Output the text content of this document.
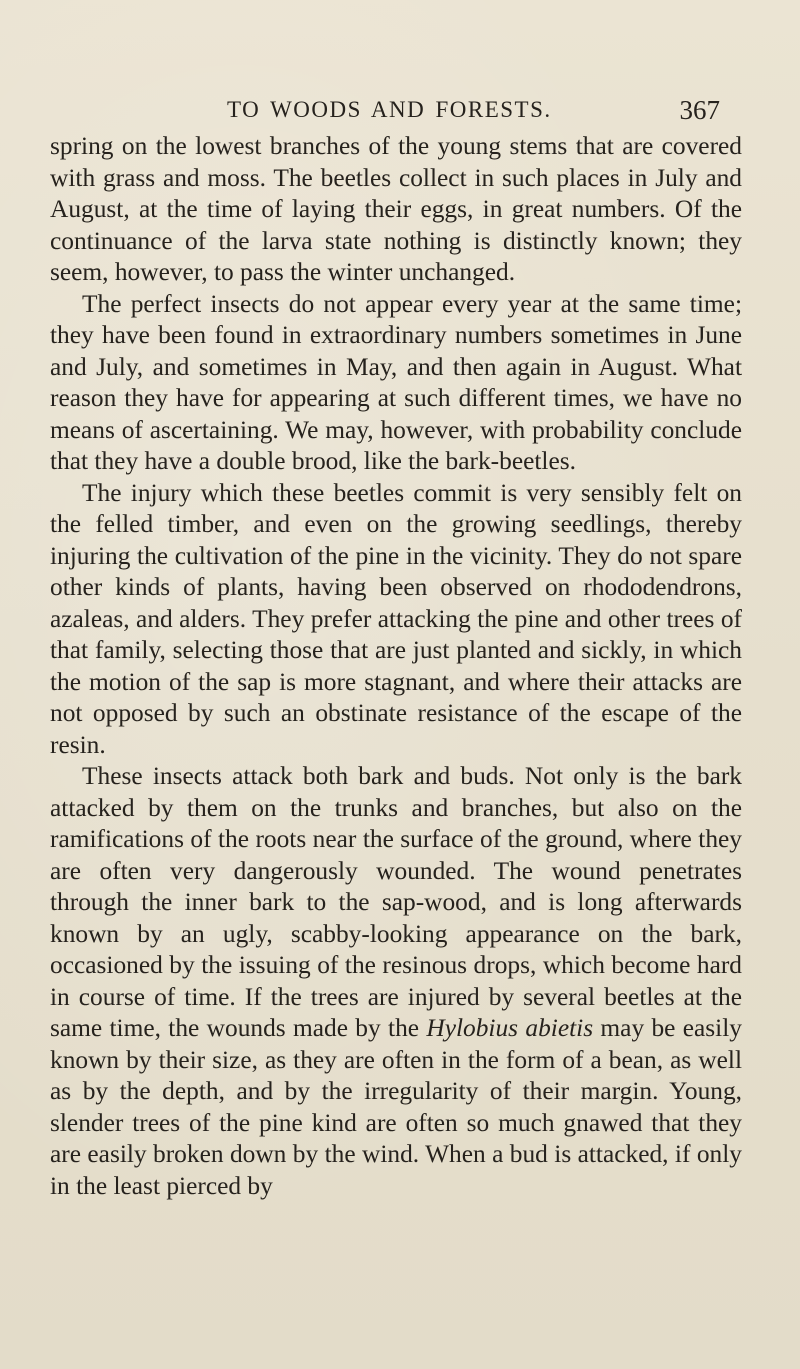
TO WOODS AND FORESTS.	367

spring on the lowest branches of the young stems that are covered with grass and moss. The beetles collect in such places in July and August, at the time of laying their eggs, in great numbers. Of the continuance of the larva state nothing is distinctly known; they seem, however, to pass the winter unchanged.

The perfect insects do not appear every year at the same time; they have been found in extraordinary numbers sometimes in June and July, and sometimes in May, and then again in August. What reason they have for appearing at such different times, we have no means of ascertaining. We may, however, with probability conclude that they have a double brood, like the bark-beetles.

The injury which these beetles commit is very sensibly felt on the felled timber, and even on the growing seedlings, thereby injuring the cultivation of the pine in the vicinity. They do not spare other kinds of plants, having been observed on rhododendrons, azaleas, and alders. They prefer attacking the pine and other trees of that family, selecting those that are just planted and sickly, in which the motion of the sap is more stagnant, and where their attacks are not opposed by such an obstinate resistance of the escape of the resin.

These insects attack both bark and buds. Not only is the bark attacked by them on the trunks and branches, but also on the ramifications of the roots near the surface of the ground, where they are often very dangerously wounded. The wound penetrates through the inner bark to the sap-wood, and is long afterwards known by an ugly, scabby-looking appearance on the bark, occasioned by the issuing of the resinous drops, which become hard in course of time. If the trees are injured by several beetles at the same time, the wounds made by the Hylobius abietis may be easily known by their size, as they are often in the form of a bean, as well as by the depth, and by the irregularity of their margin. Young, slender trees of the pine kind are often so much gnawed that they are easily broken down by the wind. When a bud is attacked, if only in the least pierced by
